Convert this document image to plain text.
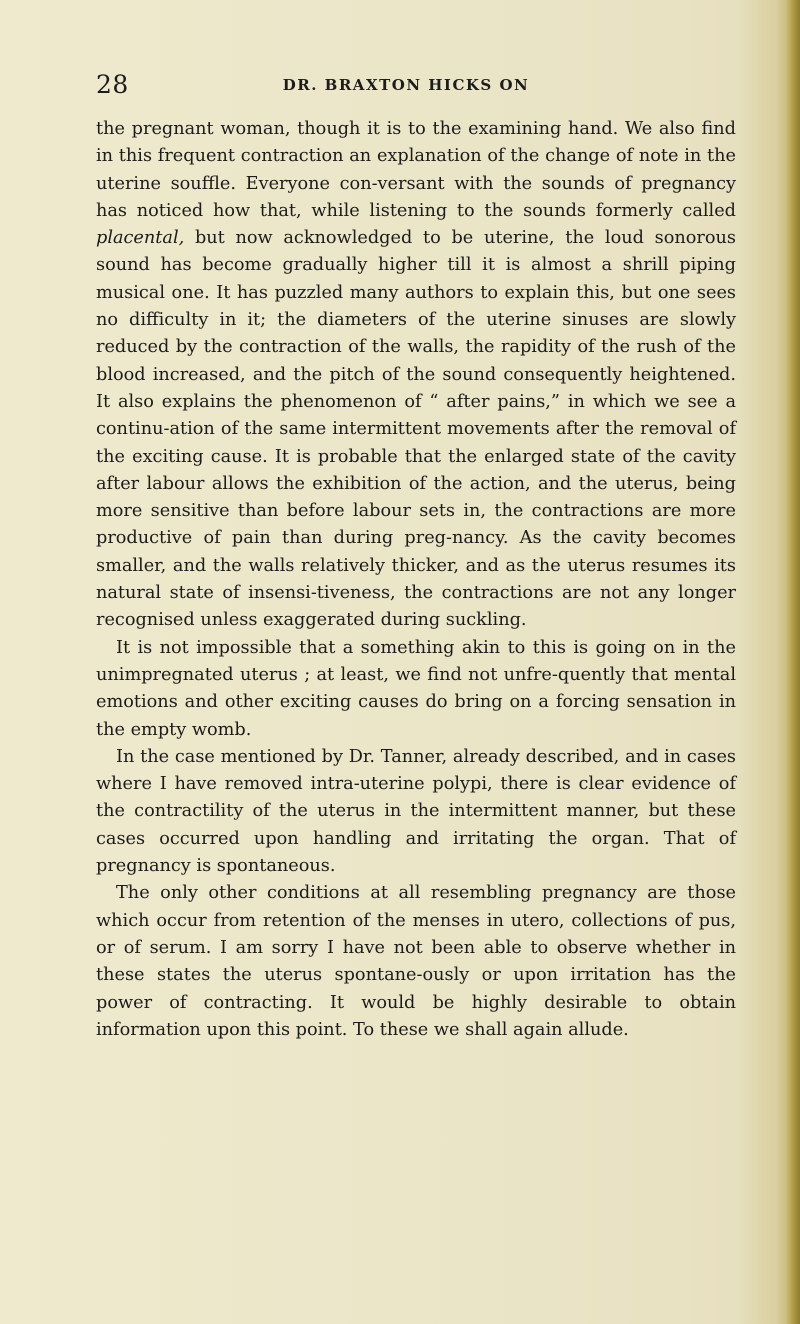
28	DR. BRAXTON HICKS ON

the pregnant woman, though it is to the examining hand. We also find in this frequent contraction an explanation of the change of note in the uterine souffle. Everyone con-versant with the sounds of pregnancy has noticed how that, while listening to the sounds formerly called placental, but now acknowledged to be uterine, the loud sonorous sound has become gradually higher till it is almost a shrill piping musical one. It has puzzled many authors to explain this, but one sees no difficulty in it; the diameters of the uterine sinuses are slowly reduced by the contraction of the walls, the rapidity of the rush of the blood increased, and the pitch of the sound consequently heightened. It also explains the phenomenon of “ after pains,” in which we see a continu-ation of the same intermittent movements after the removal of the exciting cause. It is probable that the enlarged state of the cavity after labour allows the exhibition of the action, and the uterus, being more sensitive than before labour sets in, the contractions are more productive of pain than during preg-nancy. As the cavity becomes smaller, and the walls relatively thicker, and as the uterus resumes its natural state of insensi-tiveness, the contractions are not any longer recognised unless exaggerated during suckling.

It is not impossible that a something akin to this is going on in the unimpregnated uterus ; at least, we find not unfre-quently that mental emotions and other exciting causes do bring on a forcing sensation in the empty womb.

In the case mentioned by Dr. Tanner, already described, and in cases where I have removed intra-uterine polypi, there is clear evidence of the contractility of the uterus in the intermittent manner, but these cases occurred upon handling and irritating the organ. That of pregnancy is spontaneous.

The only other conditions at all resembling pregnancy are those which occur from retention of the menses in utero, collections of pus, or of serum. I am sorry I have not been able to observe whether in these states the uterus spontane-ously or upon irritation has the power of contracting. It would be highly desirable to obtain information upon this point. To these we shall again allude.
